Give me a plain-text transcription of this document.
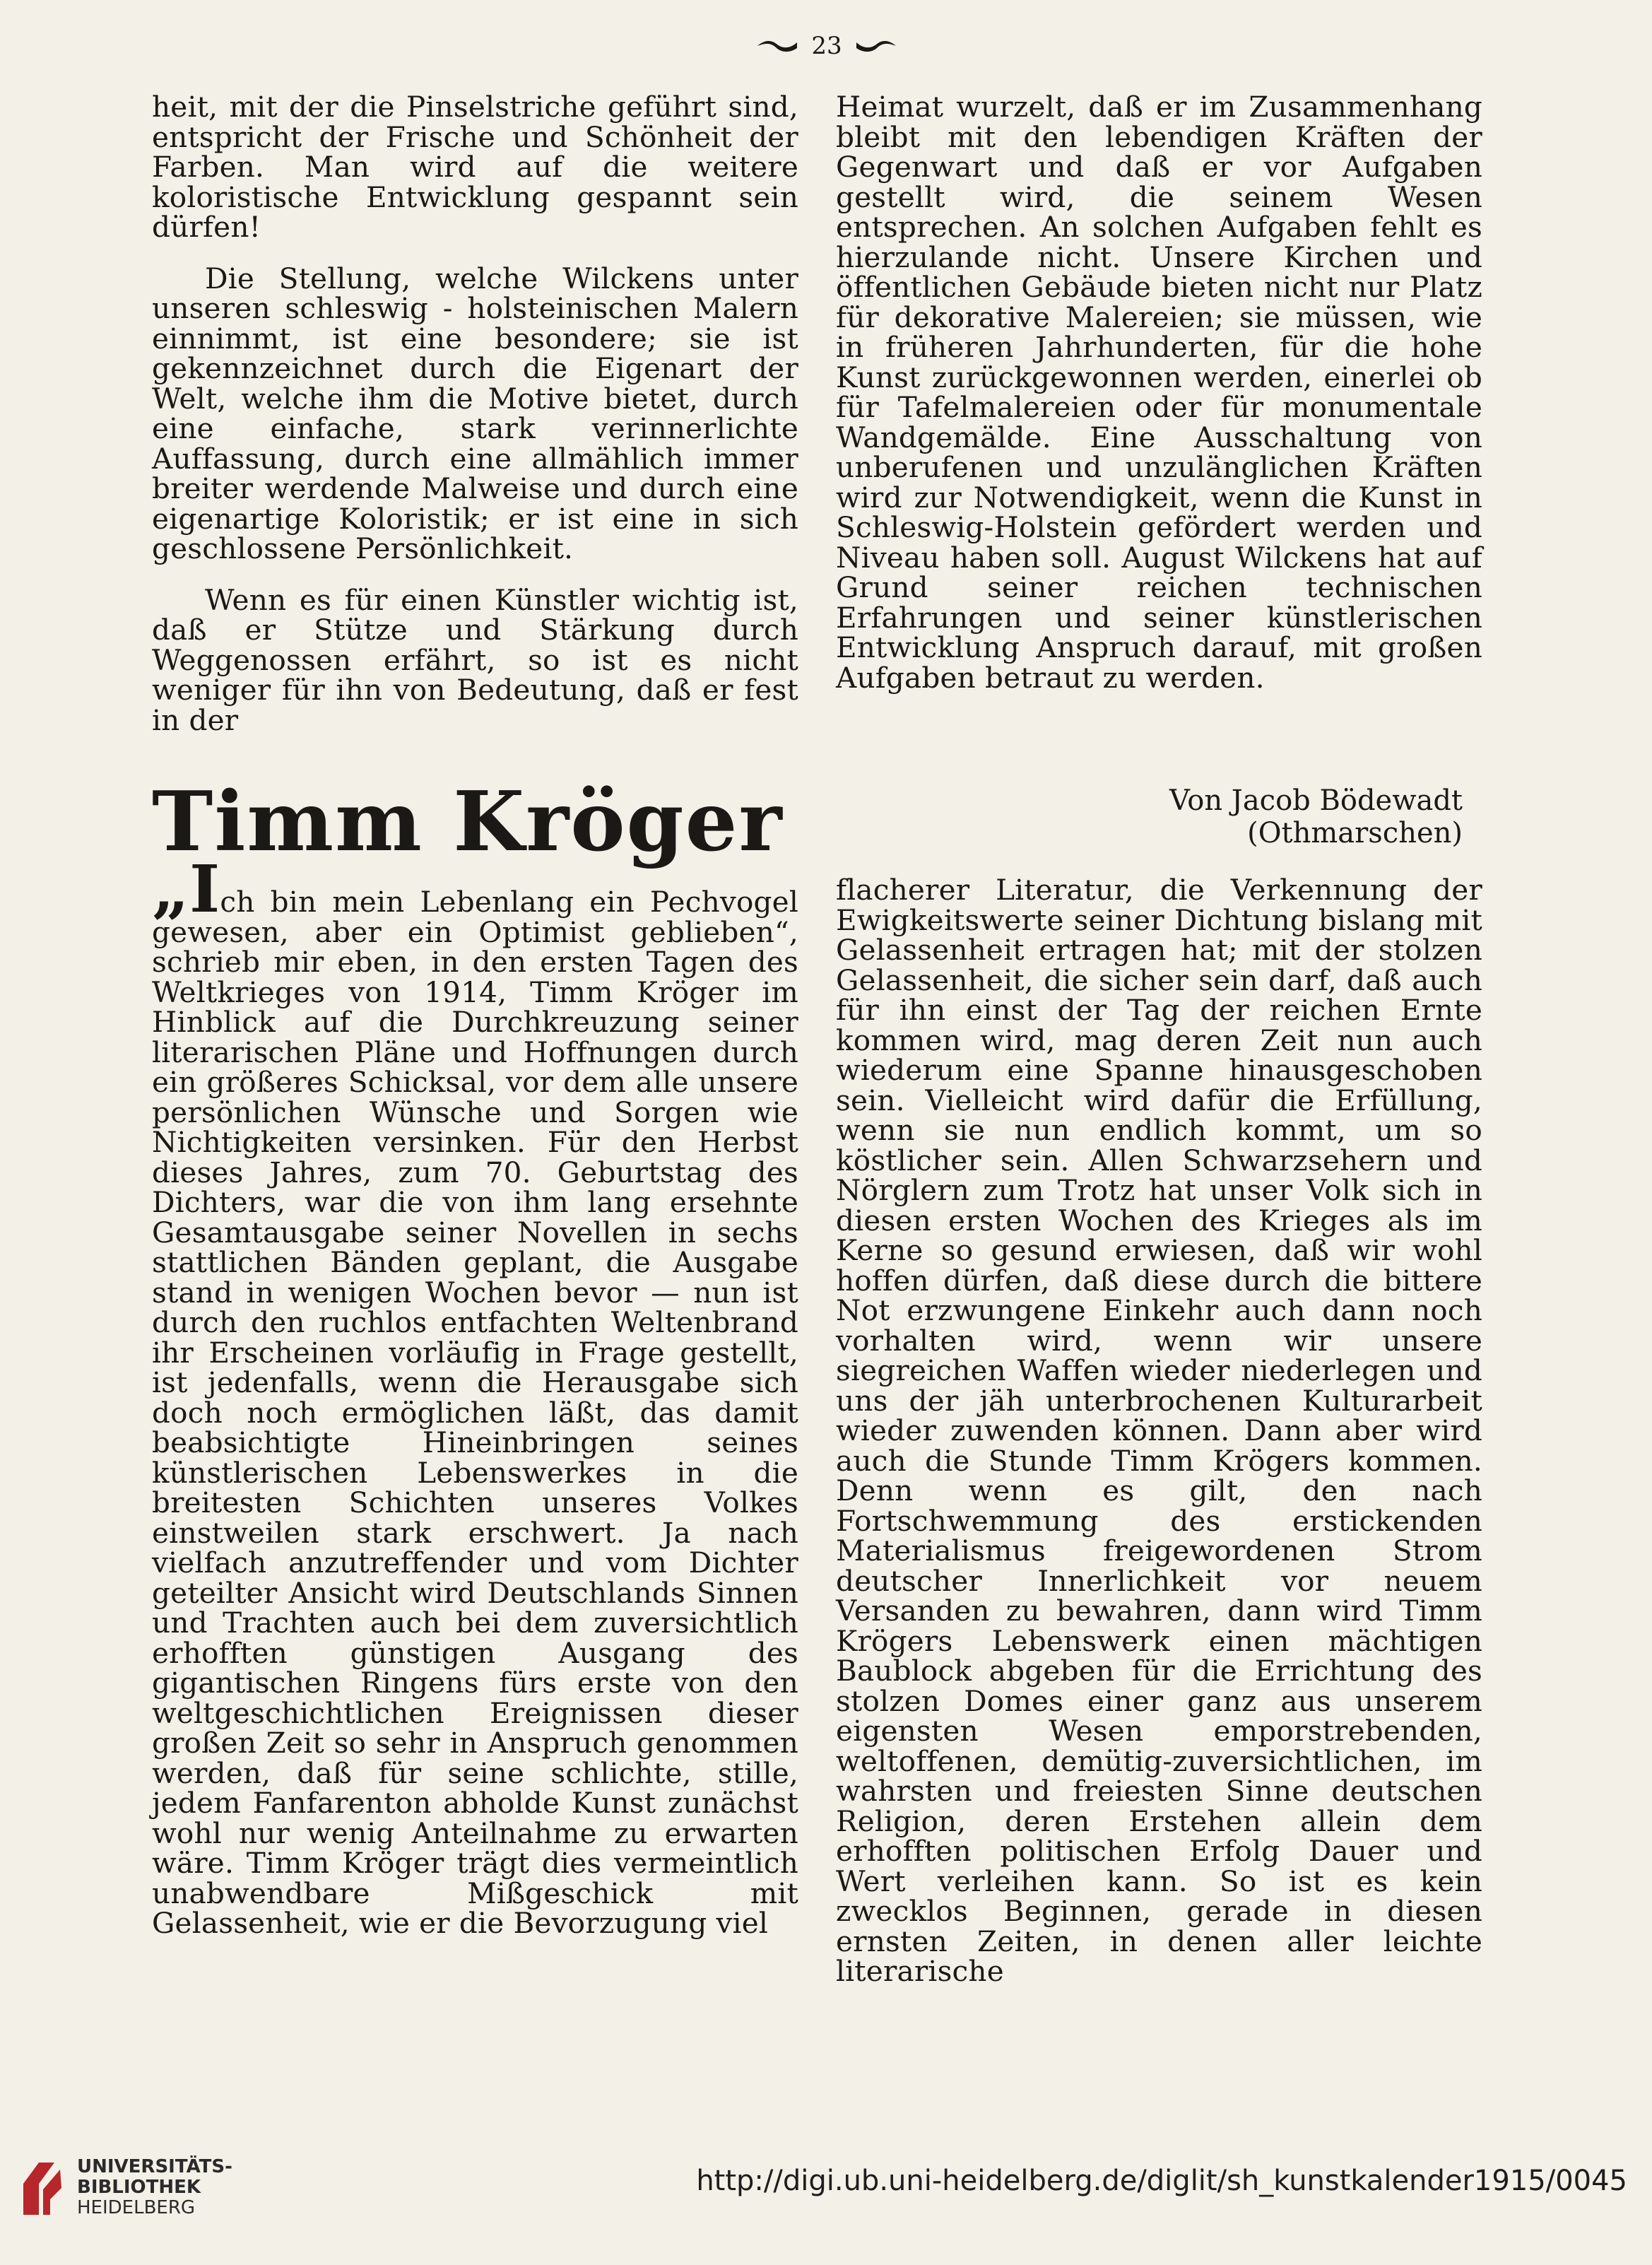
23

heit, mit der die Pinselstriche geführt sind, entspricht der Frische und Schönheit der Farben. Man wird auf die weitere koloristische Entwicklung gespannt sein dürfen!

Die Stellung, welche Wilckens unter unseren schleswig - holsteinischen Malern einnimmt, ist eine besondere; sie ist gekennzeichnet durch die Eigenart der Welt, welche ihm die Motive bietet, durch eine einfache, stark verinnerlichte Auffassung, durch eine allmählich immer breiter werdende Malweise und durch eine eigenartige Koloristik; er ist eine in sich geschlossene Persönlichkeit.

Wenn es für einen Künstler wichtig ist, daß er Stütze und Stärkung durch Weggenossen erfährt, so ist es nicht weniger für ihn von Bedeutung, daß er fest in der

Heimat wurzelt, daß er im Zusammenhang bleibt mit den lebendigen Kräften der Gegenwart und daß er vor Aufgaben gestellt wird, die seinem Wesen entsprechen. An solchen Aufgaben fehlt es hierzulande nicht. Unsere Kirchen und öffentlichen Gebäude bieten nicht nur Platz für dekorative Malereien; sie müssen, wie in früheren Jahrhunderten, für die hohe Kunst zurückgewonnen werden, einerlei ob für Tafelmalereien oder für monumentale Wandgemälde. Eine Ausschaltung von unberufenen und unzulänglichen Kräften wird zur Notwendigkeit, wenn die Kunst in Schleswig-Holstein gefördert werden und Niveau haben soll. August Wilckens hat auf Grund seiner reichen technischen Erfahrungen und seiner künstlerischen Entwicklung Anspruch darauf, mit großen Aufgaben betraut zu werden.

Timm Kröger	Von Jacob Bödewadt
(Othmarschen)

„Ich bin mein Lebenlang ein Pechvogel gewesen, aber ein Optimist geblieben“, schrieb mir eben, in den ersten Tagen des Weltkrieges von 1914, Timm Kröger im Hinblick auf die Durchkreuzung seiner literarischen Pläne und Hoffnungen durch ein größeres Schicksal, vor dem alle unsere persönlichen Wünsche und Sorgen wie Nichtigkeiten versinken. Für den Herbst dieses Jahres, zum 70. Geburtstag des Dichters, war die von ihm lang ersehnte Gesamtausgabe seiner Novellen in sechs stattlichen Bänden geplant, die Ausgabe stand in wenigen Wochen bevor — nun ist durch den ruchlos entfachten Weltenbrand ihr Erscheinen vorläufig in Frage gestellt, ist jedenfalls, wenn die Herausgabe sich doch noch ermöglichen läßt, das damit beabsichtigte Hineinbringen seines künstlerischen Lebenswerkes in die breitesten Schichten unseres Volkes einstweilen stark erschwert. Ja nach vielfach anzutreffender und vom Dichter geteilter Ansicht wird Deutschlands Sinnen und Trachten auch bei dem zuversichtlich erhofften günstigen Ausgang des gigantischen Ringens fürs erste von den weltgeschichtlichen Ereignissen dieser großen Zeit so sehr in Anspruch genommen werden, daß für seine schlichte, stille, jedem Fanfarenton abholde Kunst zunächst wohl nur wenig Anteilnahme zu erwarten wäre. Timm Kröger trägt dies vermeintlich unabwendbare Mißgeschick mit Gelassenheit, wie er die Bevorzugung viel

flacherer Literatur, die Verkennung der Ewigkeitswerte seiner Dichtung bislang mit Gelassenheit ertragen hat; mit der stolzen Gelassenheit, die sicher sein darf, daß auch für ihn einst der Tag der reichen Ernte kommen wird, mag deren Zeit nun auch wiederum eine Spanne hinausgeschoben sein. Vielleicht wird dafür die Erfüllung, wenn sie nun endlich kommt, um so köstlicher sein. Allen Schwarzsehern und Nörglern zum Trotz hat unser Volk sich in diesen ersten Wochen des Krieges als im Kerne so gesund erwiesen, daß wir wohl hoffen dürfen, daß diese durch die bittere Not erzwungene Einkehr auch dann noch vorhalten wird, wenn wir unsere siegreichen Waffen wieder niederlegen und uns der jäh unterbrochenen Kulturarbeit wieder zuwenden können. Dann aber wird auch die Stunde Timm Krögers kommen. Denn wenn es gilt, den nach Fortschwemmung des erstickenden Materialismus freigewordenen Strom deutscher Innerlichkeit vor neuem Versanden zu bewahren, dann wird Timm Krögers Lebenswerk einen mächtigen Baublock abgeben für die Errichtung des stolzen Domes einer ganz aus unserem eigensten Wesen emporstrebenden, weltoffenen, demütig-zuversichtlichen, im wahrsten und freiesten Sinne deutschen Religion, deren Erstehen allein dem erhofften politischen Erfolg Dauer und Wert verleihen kann. So ist es kein zwecklos Beginnen, gerade in diesen ernsten Zeiten, in denen aller leichte literarische

UNIVERSITÄTS-
BIBLIOTHEK
HEIDELBERG
http://digi.ub.uni-heidelberg.de/diglit/sh_kunstkalender1915/0045
